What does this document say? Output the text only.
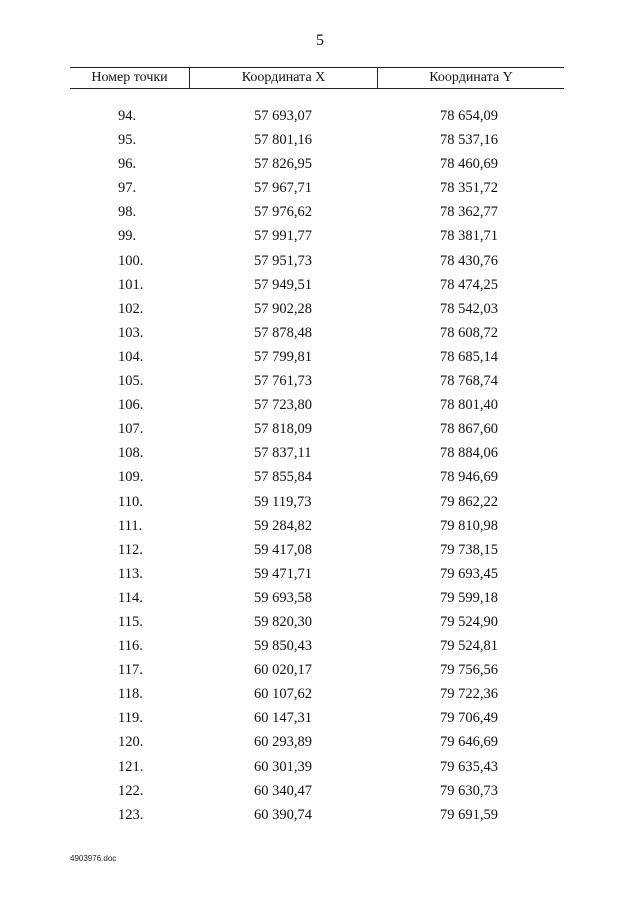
5
Номер точки	Координата X	Координата Y
94.	57 693,07	78 654,09
95.	57 801,16	78 537,16
96.	57 826,95	78 460,69
97.	57 967,71	78 351,72
98.	57 976,62	78 362,77
99.	57 991,77	78 381,71
100.	57 951,73	78 430,76
101.	57 949,51	78 474,25
102.	57 902,28	78 542,03
103.	57 878,48	78 608,72
104.	57 799,81	78 685,14
105.	57 761,73	78 768,74
106.	57 723,80	78 801,40
107.	57 818,09	78 867,60
108.	57 837,11	78 884,06
109.	57 855,84	78 946,69
110.	59 119,73	79 862,22
111.	59 284,82	79 810,98
112.	59 417,08	79 738,15
113.	59 471,71	79 693,45
114.	59 693,58	79 599,18
115.	59 820,30	79 524,90
116.	59 850,43	79 524,81
117.	60 020,17	79 756,56
118.	60 107,62	79 722,36
119.	60 147,31	79 706,49
120.	60 293,89	79 646,69
121.	60 301,39	79 635,43
122.	60 340,47	79 630,73
123.	60 390,74	79 691,59
4903976.doc
